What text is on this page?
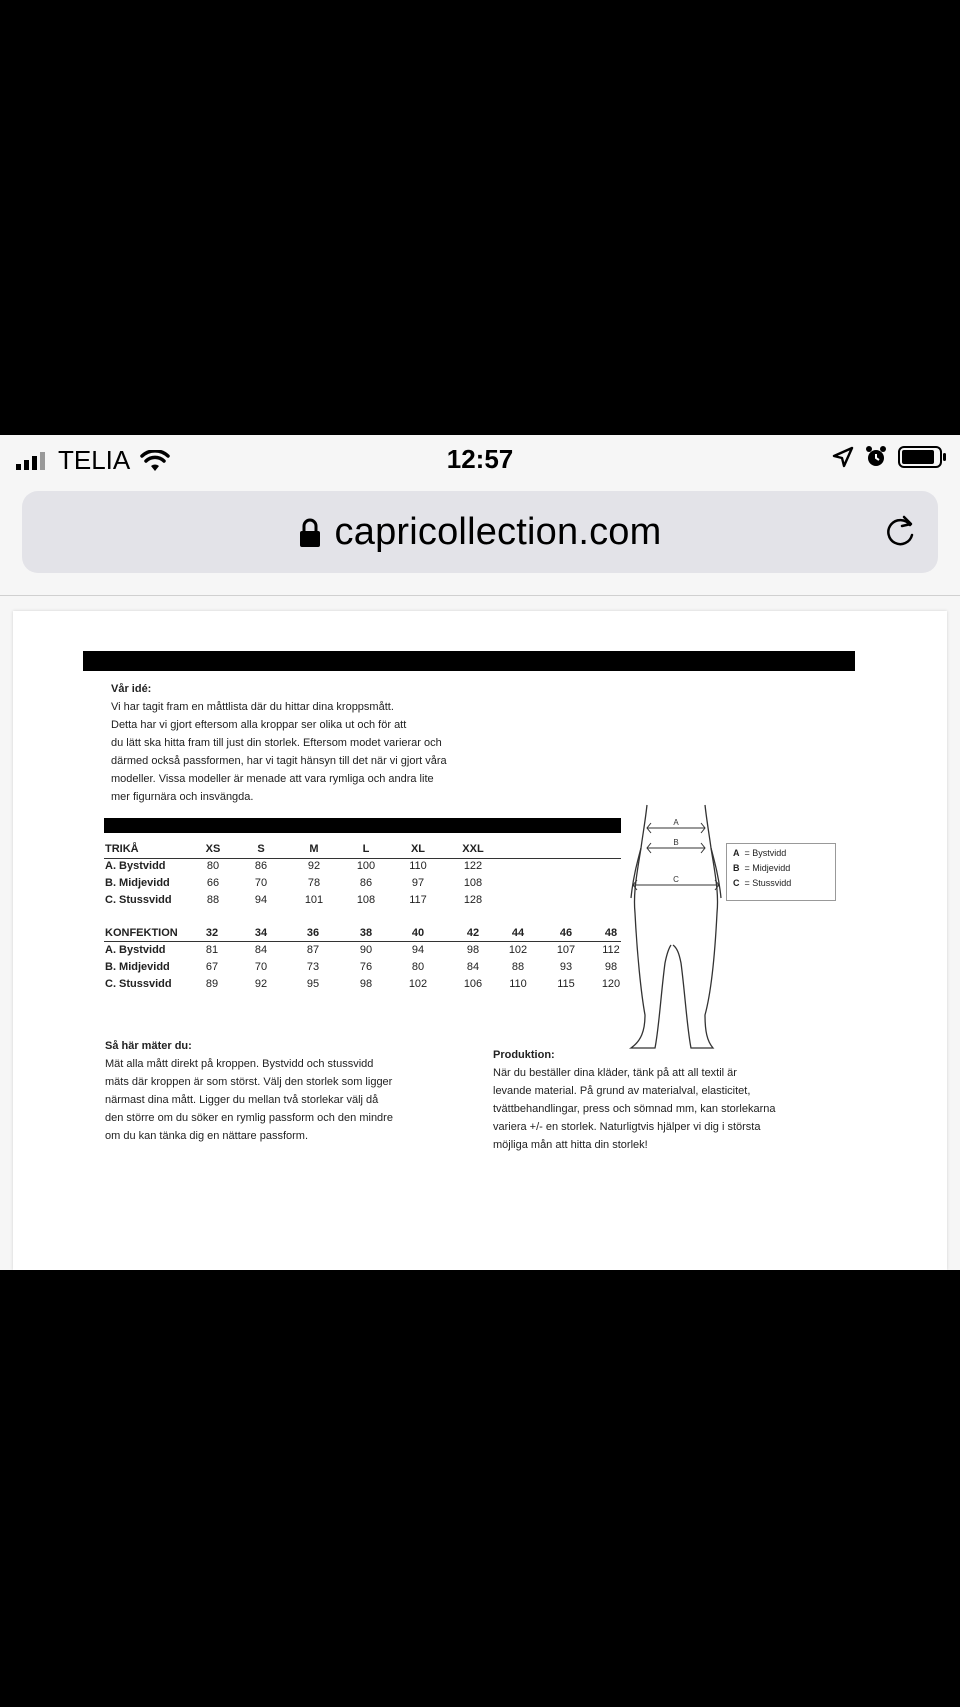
TELIA	12:57
capricollection.com
Vår idé:
Vi har tagit fram en måttlista där du hittar dina kroppsmått.
Detta har vi gjort eftersom alla kroppar ser olika ut och för att
du lätt ska hitta fram till just din storlek. Eftersom modet varierar och
därmed också passformen, har vi tagit hänsyn till det när vi gjort våra
modeller. Vissa modeller är menade att vara rymliga och andra lite
mer figurnära och insvängda.
TRIKÅ	XS	S	M	L	XL	XXL
A. Bystvidd	80	86	92	100	110	122
B. Midjevidd	66	70	78	86	97	108
C. Stussvidd	88	94	101	108	117	128
KONFEKTION	32	34	36	38	40	42	44	46	48
A. Bystvidd	81	84	87	90	94	98	102	107	112
B. Midjevidd	67	70	73	76	80	84	88	93	98
C. Stussvidd	89	92	95	98	102	106	110	115	120
A
B
C
A = Bystvidd
B = Midjevidd
C = Stussvidd
Så här mäter du:
Mät alla mått direkt på kroppen. Bystvidd och stussvidd
mäts där kroppen är som störst. Välj den storlek som ligger
närmast dina mått. Ligger du mellan två storlekar välj då
den större om du söker en rymlig passform och den mindre
om du kan tänka dig en nättare passform.
Produktion:
När du beställer dina kläder, tänk på att all textil är
levande material. På grund av materialval, elasticitet,
tvättbehandlingar, press och sömnad mm, kan storlekarna
variera +/- en storlek. Naturligtvis hjälper vi dig i största
möjliga mån att hitta din storlek!
